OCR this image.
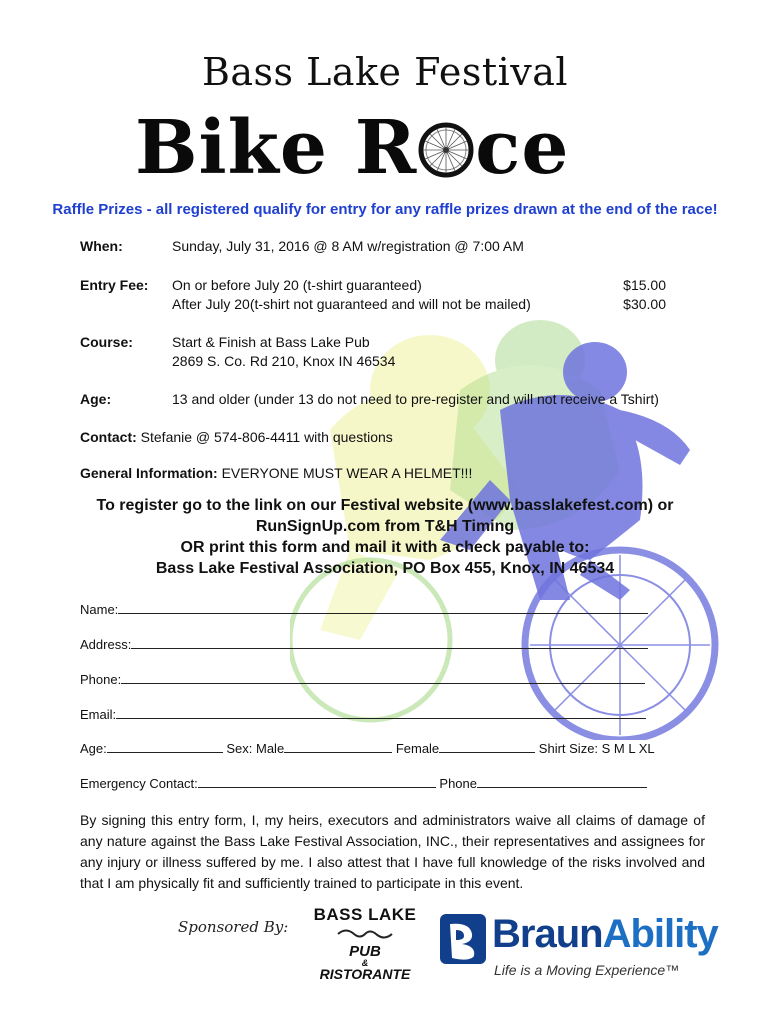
Bass Lake Festival
Bike R ce
Raffle Prizes - all registered qualify for entry for any raffle prizes drawn at the end of the race!
When:	Sunday, July 31, 2016 @ 8 AM w/registration @ 7:00 AM
Entry Fee: On or before July 20 (t-shirt guaranteed)	$15.00
After July 20(t-shirt not guaranteed and will not be mailed)	$30.00
Course:	Start & Finish at Bass Lake Pub
2869 S. Co. Rd 210, Knox IN 46534
Age:	13 and older (under 13 do not need to pre-register and will not receive a Tshirt)
Contact: Stefanie @ 574-806-4411 with questions
General Information: EVERYONE MUST WEAR A HELMET!!!
To register go to the link on our Festival website (www.basslakefest.com) or
RunSignUp.com from T&H Timing
OR print this form and mail it with a check payable to:
Bass Lake Festival Association, PO Box 455, Knox, IN 46534
Name:
Address:
Phone:
Email:
Age:	Sex: Male	Female	Shirt Size: S M L XL
Emergency Contact:	Phone
By signing this entry form, I, my heirs, executors and administrators waive all claims of damage of any nature against the Bass Lake Festival Association, INC., their representatives and assignees for any injury or illness suffered by me. I also attest that I have full knowledge of the risks involved and that I am physically fit and sufficiently trained to participate in this event.
Sponsored By:
BASS LAKE
PUB
&
RISTORANTE
BraunAbility
Life is a Moving Experience™
